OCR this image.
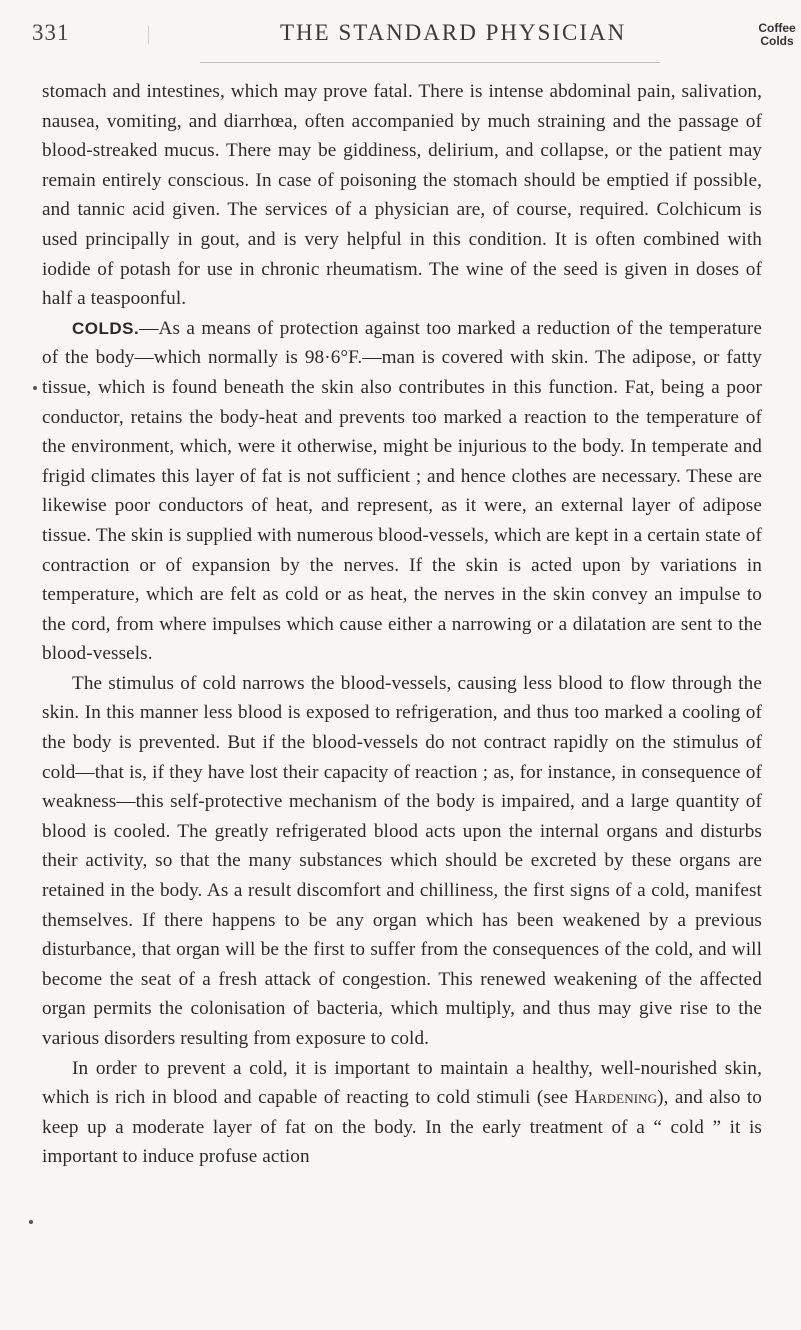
331	THE STANDARD PHYSICIAN	Coffee
Colds

stomach and intestines, which may prove fatal. There is intense abdominal pain, salivation, nausea, vomiting, and diarrhœa, often accompanied by much straining and the passage of blood-streaked mucus. There may be giddiness, delirium, and collapse, or the patient may remain entirely conscious. In case of poisoning the stomach should be emptied if possible, and tannic acid given. The services of a physician are, of course, required. Colchicum is used principally in gout, and is very helpful in this condition. It is often combined with iodide of potash for use in chronic rheumatism. The wine of the seed is given in doses of half a teaspoonful.

COLDS.—As a means of protection against too marked a reduction of the temperature of the body—which normally is 98·6°F.—man is covered with skin. The adipose, or fatty tissue, which is found beneath the skin also contributes in this function. Fat, being a poor conductor, retains the body-heat and prevents too marked a reaction to the temperature of the environment, which, were it otherwise, might be injurious to the body. In temperate and frigid climates this layer of fat is not sufficient ; and hence clothes are necessary. These are likewise poor conductors of heat, and represent, as it were, an external layer of adipose tissue. The skin is supplied with numerous blood-vessels, which are kept in a certain state of contraction or of expansion by the nerves. If the skin is acted upon by variations in temperature, which are felt as cold or as heat, the nerves in the skin convey an impulse to the cord, from where impulses which cause either a narrowing or a dilatation are sent to the blood-vessels.

The stimulus of cold narrows the blood-vessels, causing less blood to flow through the skin. In this manner less blood is exposed to refrigeration, and thus too marked a cooling of the body is prevented. But if the blood-vessels do not contract rapidly on the stimulus of cold—that is, if they have lost their capacity of reaction ; as, for instance, in consequence of weakness—this self-protective mechanism of the body is impaired, and a large quantity of blood is cooled. The greatly refrigerated blood acts upon the internal organs and disturbs their activity, so that the many substances which should be excreted by these organs are retained in the body. As a result discomfort and chilliness, the first signs of a cold, manifest themselves. If there happens to be any organ which has been weakened by a previous disturbance, that organ will be the first to suffer from the consequences of the cold, and will become the seat of a fresh attack of congestion. This renewed weakening of the affected organ permits the colonisation of bacteria, which multiply, and thus may give rise to the various disorders resulting from exposure to cold.

In order to prevent a cold, it is important to maintain a healthy, well-nourished skin, which is rich in blood and capable of reacting to cold stimuli (see Hardening), and also to keep up a moderate layer of fat on the body. In the early treatment of a “ cold ” it is important to induce profuse action
